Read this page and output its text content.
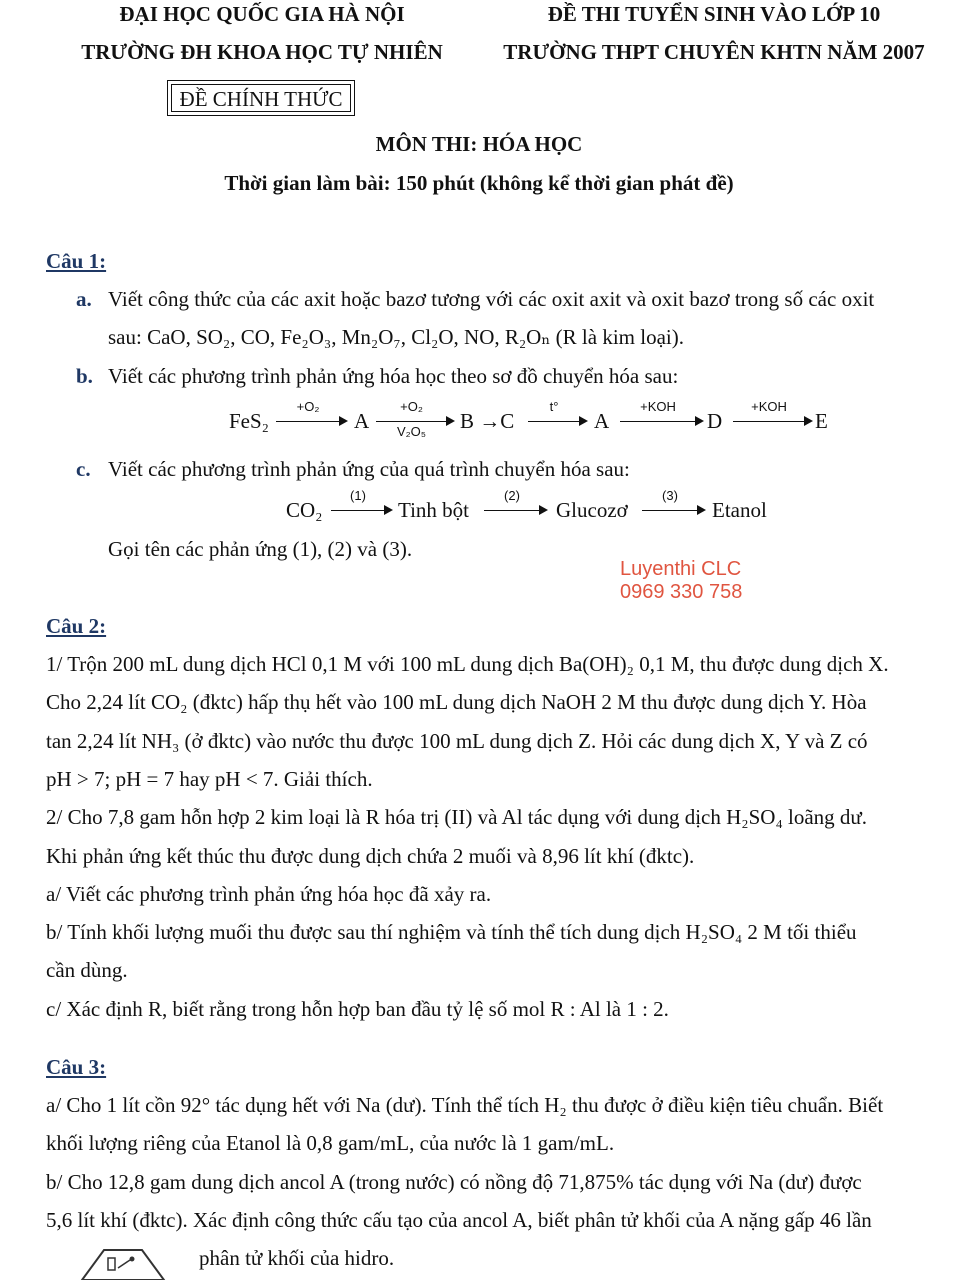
ĐẠI HỌC QUỐC GIA HÀ NỘI
TRƯỜNG ĐH KHOA HỌC TỰ NHIÊN
ĐỀ THI TUYỂN SINH VÀO LỚP 10
TRƯỜNG THPT CHUYÊN KHTN NĂM 2007
ĐỀ CHÍNH THỨC
MÔN THI: HÓA HỌC
Thời gian làm bài: 150 phút (không kể thời gian phát đề)
Câu 1:
a. Viết công thức của các axit hoặc bazơ tương với các oxit axit và oxit bazơ trong số các oxit
sau: CaO, SO₂, CO, Fe₂O₃, Mn₂O₇, Cl₂O, NO, R₂Oₙ (R là kim loại).
b. Viết các phương trình phản ứng hóa học theo sơ đồ chuyển hóa sau:
FeS₂
+O₂
A
+O₂
V₂O₅	B →C
t°
A
+KOH
D
+KOH
E
c. Viết các phương trình phản ứng của quá trình chuyển hóa sau:
CO₂
(1)
Tinh bột
(2)
Glucozơ
(3)
Etanol
Gọi tên các phản ứng (1), (2) và (3).
Luyenthi CLC
0969 330 758
Câu 2:
1/ Trộn 200 mL dung dịch HCl 0,1 M với 100 mL dung dịch Ba(OH)₂ 0,1 M, thu được dung dịch X.
Cho 2,24 lít CO₂ (đktc) hấp thụ hết vào 100 mL dung dịch NaOH 2 M thu được dung dịch Y. Hòa
tan 2,24 lít NH₃ (ở đktc) vào nước thu được 100 mL dung dịch Z. Hỏi các dung dịch X, Y và Z có
pH > 7; pH = 7 hay pH < 7. Giải thích.
2/ Cho 7,8 gam hỗn hợp 2 kim loại là R hóa trị (II) và Al tác dụng với dung dịch H₂SO₄ loãng dư.
Khi phản ứng kết thúc thu được dung dịch chứa 2 muối và 8,96 lít khí (đktc).
a/ Viết các phương trình phản ứng hóa học đã xảy ra.
b/ Tính khối lượng muối thu được sau thí nghiệm và tính thể tích dung dịch H₂SO₄ 2 M tối thiểu
cần dùng.
c/ Xác định R, biết rằng trong hỗn hợp ban đầu tỷ lệ số mol R : Al là 1 : 2.
Câu 3:
a/ Cho 1 lít cồn 92° tác dụng hết với Na (dư). Tính thể tích H₂ thu được ở điều kiện tiêu chuẩn. Biết
khối lượng riêng của Etanol là 0,8 gam/mL, của nước là 1 gam/mL.
b/ Cho 12,8 gam dung dịch ancol A (trong nước) có nồng độ 71,875% tác dụng với Na (dư) được
5,6 lít khí (đktc). Xác định công thức cấu tạo của ancol A, biết phân tử khối của A nặng gấp 46 lần
phân tử khối của hidro.
